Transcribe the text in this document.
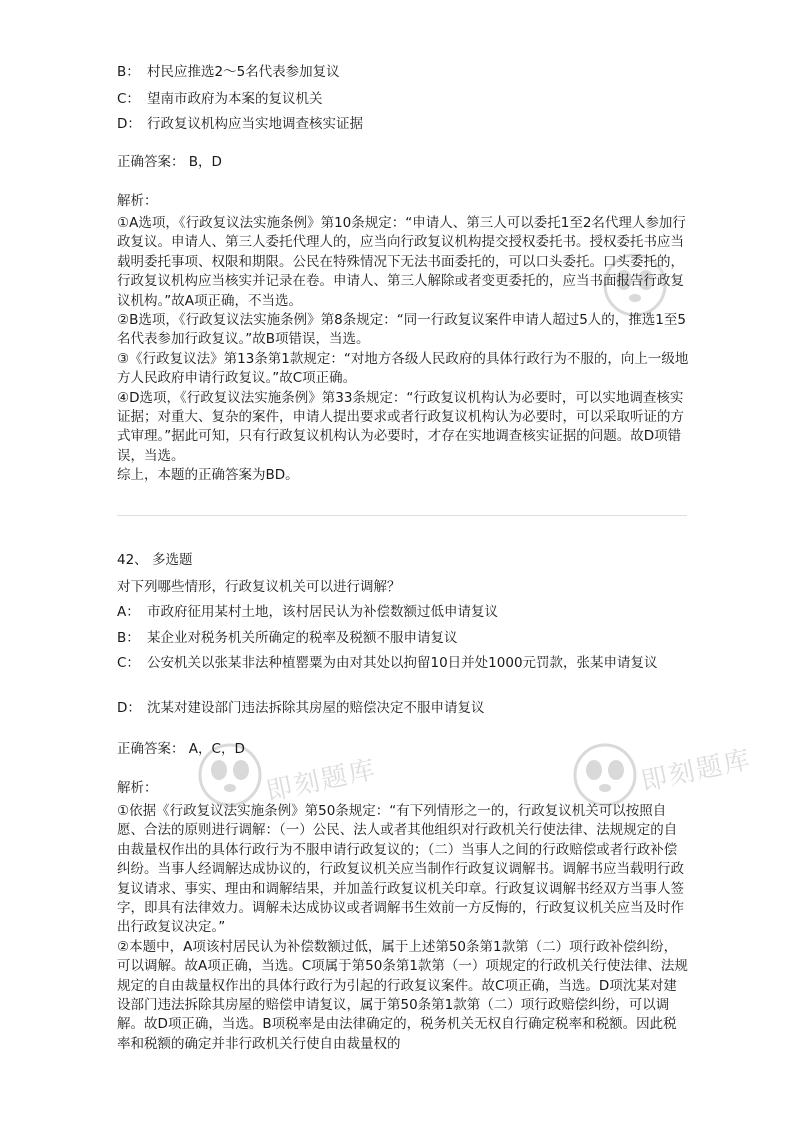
即刻题库	即刻题库
B： 村民应推选2～5名代表参加复议
C： 望南市政府为本案的复议机关
D： 行政复议机构应当实地调查核实证据
正确答案： B，D
解析：

①A选项，《行政复议法实施条例》第10条规定：“申请人、第三人可以委托1至2名代理人参加行政复议。申请人、第三人委托代理人的，应当向行政复议机构提交授权委托书。授权委托书应当载明委托事项、权限和期限。公民在特殊情况下无法书面委托的，可以口头委托。口头委托的，行政复议机构应当核实并记录在卷。申请人、第三人解除或者变更委托的，应当书面报告行政复议机构。”故A项正确，不当选。

②B选项，《行政复议法实施条例》第8条规定：“同一行政复议案件申请人超过5人的，推选1至5名代表参加行政复议。”故B项错误，当选。

③《行政复议法》第13条第1款规定：“对地方各级人民政府的具体行政行为不服的，向上一级地方人民政府申请行政复议。”故C项正确。

④D选项，《行政复议法实施条例》第33条规定：“行政复议机构认为必要时，可以实地调查核实证据；对重大、复杂的案件，申请人提出要求或者行政复议机构认为必要时，可以采取听证的方式审理。”据此可知，只有行政复议机构认为必要时，才存在实地调查核实证据的问题。故D项错误，当选。

综上，本题的正确答案为BD。

42、 多选题
对下列哪些情形，行政复议机关可以进行调解？
A： 市政府征用某村土地，该村居民认为补偿数额过低申请复议
B： 某企业对税务机关所确定的税率及税额不服申请复议
C： 公安机关以张某非法种植罂粟为由对其处以拘留10日并处1000元罚款，张某申请复议
D： 沈某对建设部门违法拆除其房屋的赔偿决定不服申请复议
正确答案： A，C，D
解析：

①依据《行政复议法实施条例》第50条规定：“有下列情形之一的，行政复议机关可以按照自愿、合法的原则进行调解：（一）公民、法人或者其他组织对行政机关行使法律、法规规定的自由裁量权作出的具体行政行为不服申请行政复议的；（二）当事人之间的行政赔偿或者行政补偿纠纷。当事人经调解达成协议的，行政复议机关应当制作行政复议调解书。调解书应当载明行政复议请求、事实、理由和调解结果，并加盖行政复议机关印章。行政复议调解书经双方当事人签字，即具有法律效力。调解未达成协议或者调解书生效前一方反悔的，行政复议机关应当及时作出行政复议决定。”

②本题中，A项该村居民认为补偿数额过低，属于上述第50条第1款第（二）项行政补偿纠纷，可以调解。故A项正确，当选。C项属于第50条第1款第（一）项规定的行政机关行使法律、法规规定的自由裁量权作出的具体行政行为引起的行政复议案件。故C项正确，当选。D项沈某对建设部门违法拆除其房屋的赔偿申请复议，属于第50条第1款第（二）项行政赔偿纠纷，可以调解。故D项正确，当选。B项税率是由法律确定的，税务机关无权自行确定税率和税额。因此税率和税额的确定并非行政机关行使自由裁量权的
